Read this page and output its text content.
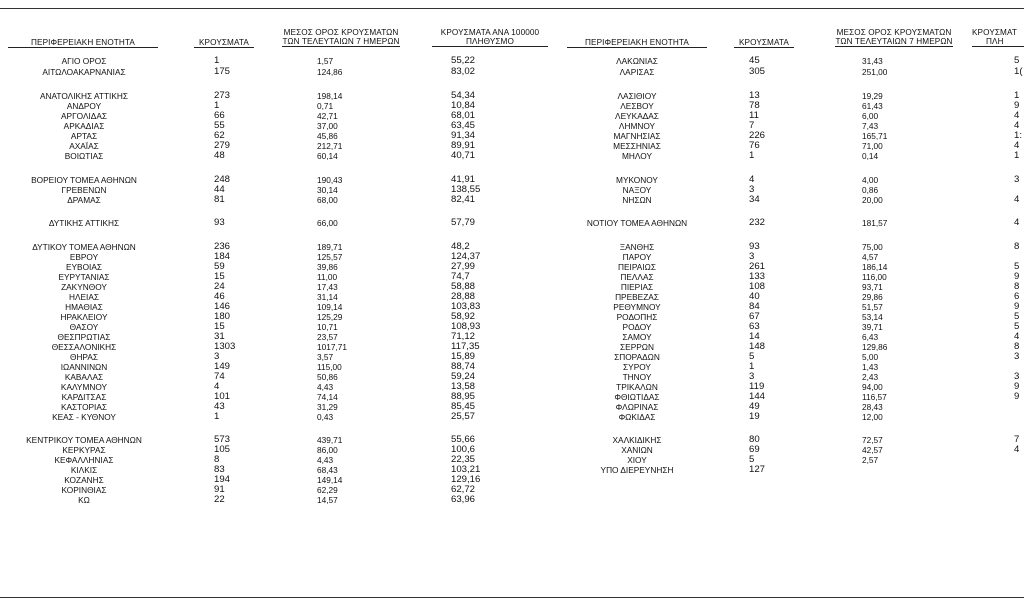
ΠΕΡΙΦΕΡΕΙΑΚΗ ΕΝΟΤΗΤΑ	ΚΡΟΥΣΜΑΤΑ
ΜΕΣΟΣ ΟΡΟΣ ΚΡΟΥΣΜΑΤΩΝ
ΤΩΝ ΤΕΛΕΥΤΑΙΩΝ 7 ΗΜΕΡΩΝ
ΚΡΟΥΣΜΑΤΑ ΑΝΑ 100000
ΠΛΗΘΥΣΜΟ	ΠΕΡΙΦΕΡΕΙΑΚΗ ΕΝΟΤΗΤΑ	ΚΡΟΥΣΜΑΤΑ
ΜΕΣΟΣ ΟΡΟΣ ΚΡΟΥΣΜΑΤΩΝ
ΤΩΝ ΤΕΛΕΥΤΑΙΩΝ 7 ΗΜΕΡΩΝ
ΚΡΟΥΣΜΑΤ
ΠΛΗ
ΑΓΙΟ ΟΡΟΣ	1	1,57	55,22
ΑΙΤΩΛΟΑΚΑΡΝΑΝΙΑΣ	175	124,86	83,02
ΑΝΑΤΟΛΙΚΗΣ ΑΤΤΙΚΗΣ	273	198,14	54,34
ΑΝΔΡΟΥ	1	0,71	10,84
ΑΡΓΟΛΙΔΑΣ	66	42,71	68,01
ΑΡΚΑΔΙΑΣ	55	37,00	63,45
ΑΡΤΑΣ	62	45,86	91,34
ΑΧΑΪΑΣ	279	212,71	89,91
ΒΟΙΩΤΙΑΣ	48	60,14	40,71
ΒΟΡΕΙΟΥ ΤΟΜΕΑ ΑΘΗΝΩΝ	248	190,43	41,91
ΓΡΕΒΕΝΩΝ	44	30,14	138,55
ΔΡΑΜΑΣ	81	68,00	82,41
ΔΥΤΙΚΗΣ ΑΤΤΙΚΗΣ	93	66,00	57,79
ΔΥΤΙΚΟΥ ΤΟΜΕΑ ΑΘΗΝΩΝ	236	189,71	48,2
ΕΒΡΟΥ	184	125,57	124,37
ΕΥΒΟΙΑΣ	59	39,86	27,99
ΕΥΡΥΤΑΝΙΑΣ	15	11,00	74,7
ΖΑΚΥΝΘΟΥ	24	17,43	58,88
ΗΛΕΙΑΣ	46	31,14	28,88
ΗΜΑΘΙΑΣ	146	109,14	103,83
ΗΡΑΚΛΕΙΟΥ	180	125,29	58,92
ΘΑΣΟΥ	15	10,71	108,93
ΘΕΣΠΡΩΤΙΑΣ	31	23,57	71,12
ΘΕΣΣΑΛΟΝΙΚΗΣ	1303	1017,71	117,35
ΘΗΡΑΣ	3	3,57	15,89
ΙΩΑΝΝΙΝΩΝ	149	115,00	88,74
ΚΑΒΑΛΑΣ	74	50,86	59,24
ΚΑΛΥΜΝΟΥ	4	4,43	13,58
ΚΑΡΔΙΤΣΑΣ	101	74,14	88,95
ΚΑΣΤΟΡΙΑΣ	43	31,29	85,45
ΚΕΑΣ - ΚΥΘΝΟΥ	1	0,43	25,57
ΚΕΝΤΡΙΚΟΥ ΤΟΜΕΑ ΑΘΗΝΩΝ	573	439,71	55,66
ΚΕΡΚΥΡΑΣ	105	86,00	100,6
ΚΕΦΑΛΛΗΝΙΑΣ	8	4,43	22,35
ΚΙΛΚΙΣ	83	68,43	103,21
ΚΟΖΑΝΗΣ	194	149,14	129,16
ΚΟΡΙΝΘΙΑΣ	91	62,29	62,72
ΚΩ	22	14,57	63,96
ΛΑΚΩΝΙΑΣ	45	31,43	5
ΛΑΡΙΣΑΣ	305	251,00	1(
ΛΑΣΙΘΙΟΥ	13	19,29	1
ΛΕΣΒΟΥ	78	61,43	9
ΛΕΥΚΑΔΑΣ	11	6,00	4
ΛΗΜΝΟΥ	7	7,43	4
ΜΑΓΝΗΣΙΑΣ	226	165,71	1:
ΜΕΣΣΗΝΙΑΣ	76	71,00	4
ΜΗΛΟΥ	1	0,14	1
ΜΥΚΟΝΟΥ	4	4,00	3
ΝΑΞΟΥ	3	0,86
ΝΗΣΩΝ	34	20,00	4
ΝΟΤΙΟΥ ΤΟΜΕΑ ΑΘΗΝΩΝ	232	181,57	4
ΞΑΝΘΗΣ	93	75,00	8
ΠΑΡΟΥ	3	4,57
ΠΕΙΡΑΙΩΣ	261	186,14	5
ΠΕΛΛΑΣ	133	116,00	9
ΠΙΕΡΙΑΣ	108	93,71	8
ΠΡΕΒΕΖΑΣ	40	29,86	6
ΡΕΘΥΜΝΟΥ	84	51,57	9
ΡΟΔΟΠΗΣ	67	53,14	5
ΡΟΔΟΥ	63	39,71	5
ΣΑΜΟΥ	14	6,43	4
ΣΕΡΡΩΝ	148	129,86	8
ΣΠΟΡΑΔΩΝ	5	5,00	3
ΣΥΡΟΥ	1	1,43
ΤΗΝΟΥ	3	2,43	3
ΤΡΙΚΑΛΩΝ	119	94,00	9
ΦΘΙΩΤΙΔΑΣ	144	116,57	9
ΦΛΩΡΙΝΑΣ	49	28,43
ΦΩΚΙΔΑΣ	19	12,00
ΧΑΛΚΙΔΙΚΗΣ	80	72,57	7
ΧΑΝΙΩΝ	69	42,57	4
ΧΙΟΥ	5	2,57
ΥΠΟ ΔΙΕΡΕΥΝΗΣΗ	127
